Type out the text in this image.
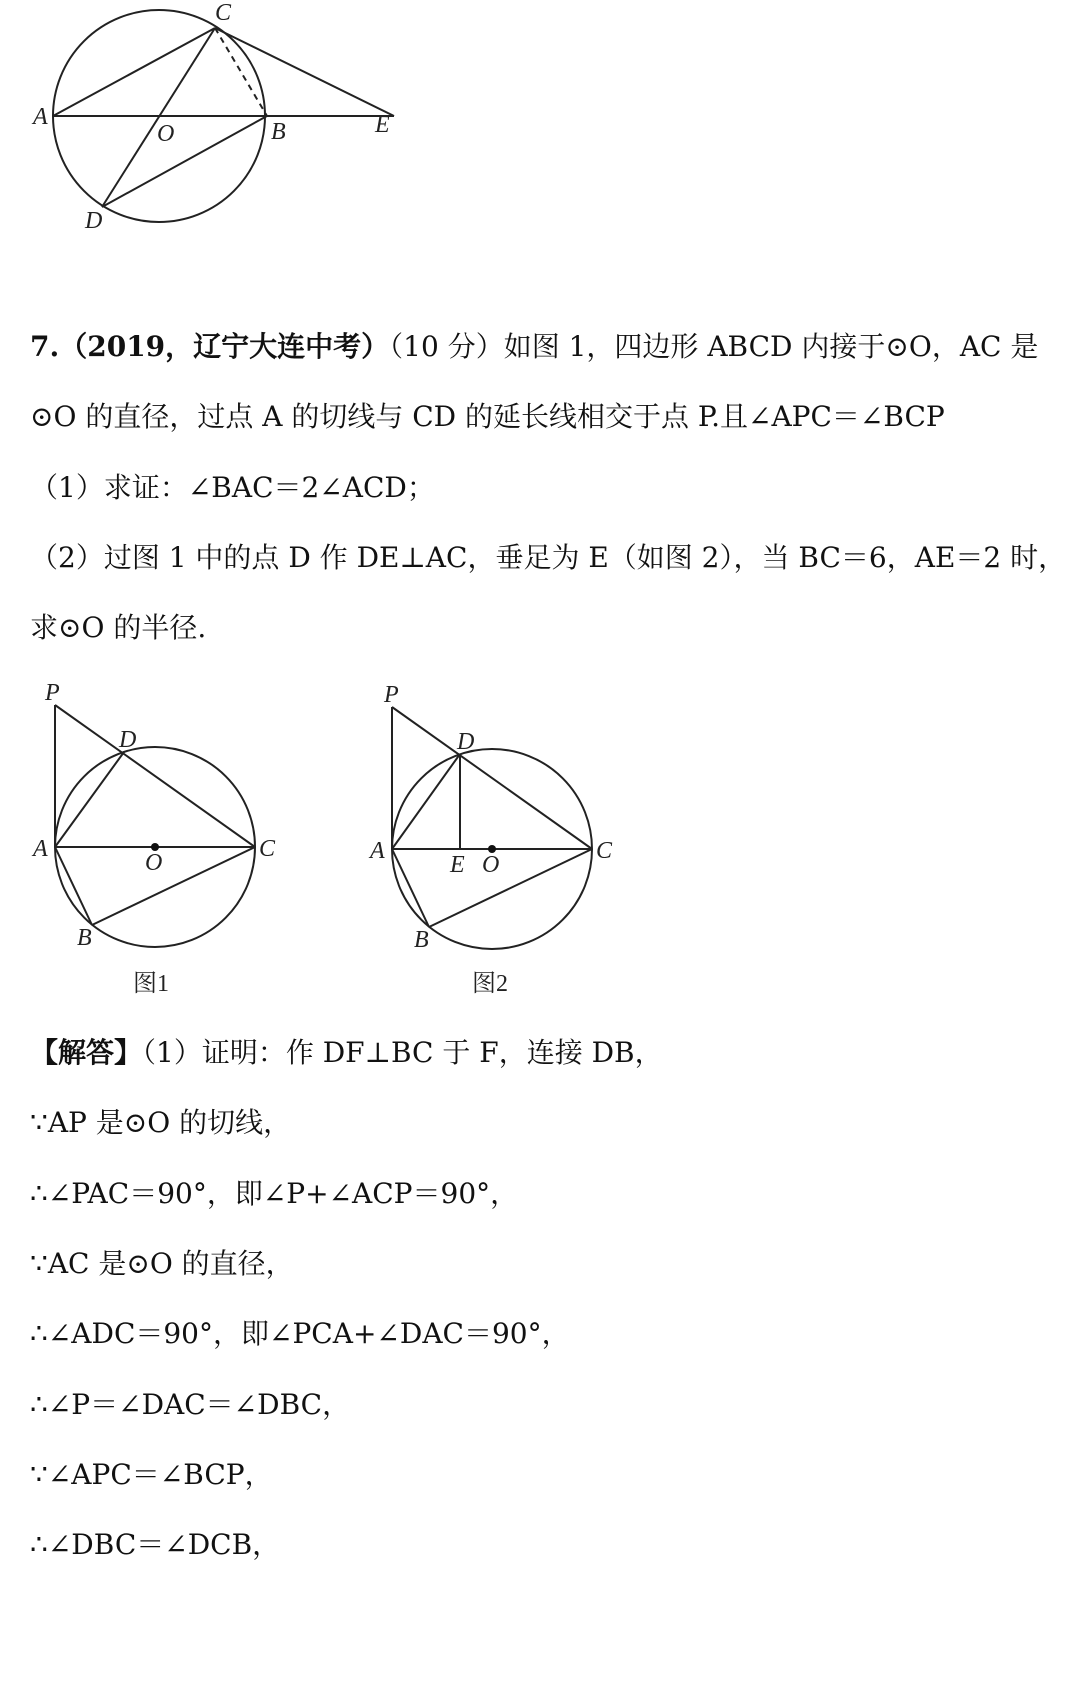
C
A
O	B	E
D
7.（2019，辽宁大连中考）（10 分）如图 1，四边形 ABCD 内接于⊙O，AC 是
⊙O 的直径，过点 A 的切线与 CD 的延长线相交于点 P.且∠APC＝∠BCP
（1）求证：∠BAC＝2∠ACD；
（2）过图 1 中的点 D 作 DE⊥AC，垂足为 E（如图 2），当 BC＝6，AE＝2 时，
求⊙O 的半径.
P
D
A
O
C
B
图1
P
D
A
E O
C
B
图2
【解答】（1）证明：作 DF⊥BC 于 F，连接 DB，
∵AP 是⊙O 的切线，
∴∠PAC＝90°，即∠P+∠ACP＝90°，
∵AC 是⊙O 的直径，
∴∠ADC＝90°，即∠PCA+∠DAC＝90°，
∴∠P＝∠DAC＝∠DBC，
∵∠APC＝∠BCP，
∴∠DBC＝∠DCB，
